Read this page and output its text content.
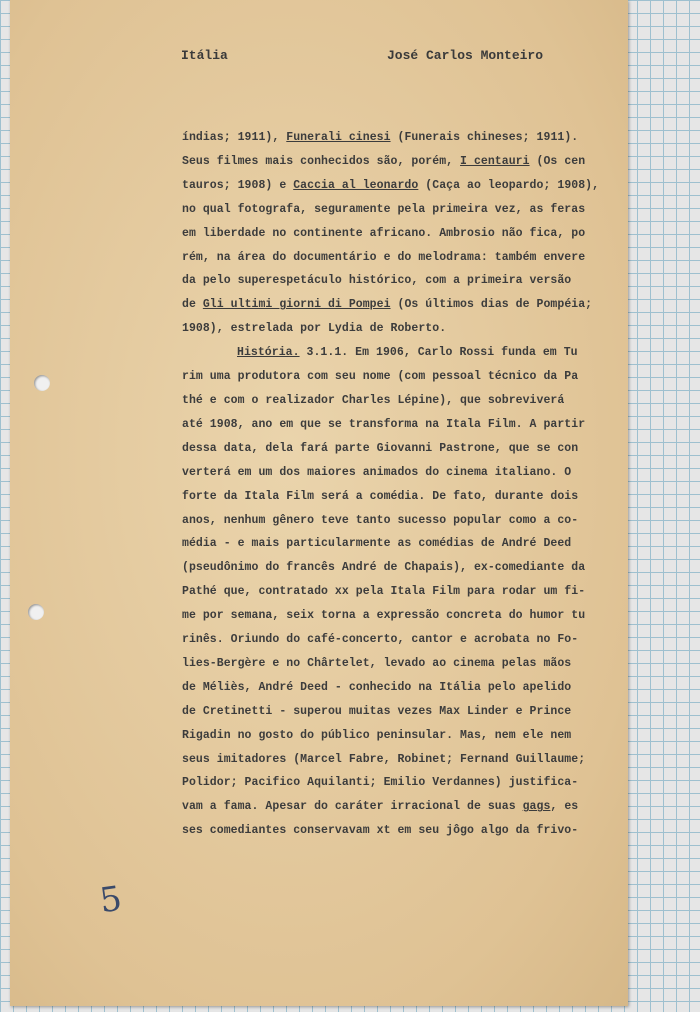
Itália	José Carlos Monteiro
índias; 1911), Funerali cinesi (Funerais chineses; 1911).
Seus filmes mais conhecidos são, porém, I centauri (Os cen
tauros; 1908) e Caccia al leonardo (Caça ao leopardo; 1908),
no qual fotografa, seguramente pela primeira vez, as feras
em liberdade no continente africano. Ambrosio não fica, po
rém, na área do documentário e do melodrama: também envere
da pelo superespetáculo histórico, com a primeira versão
de Gli ultimi giorni di Pompei (Os últimos dias de Pompéia;
1908), estrelada por Lydia de Roberto.
História. 3.1.1. Em 1906, Carlo Rossi funda em Tu
rim uma produtora com seu nome (com pessoal técnico da Pa
thé e com o realizador Charles Lépine), que sobreviverá
até 1908, ano em que se transforma na Itala Film. A partir
dessa data, dela fará parte Giovanni Pastrone, que se con
verterá em um dos maiores animados do cinema italiano. O
forte da Itala Film será a comédia. De fato, durante dois
anos, nenhum gênero teve tanto sucesso popular como a co-
média - e mais particularmente as comédias de André Deed
(pseudônimo do francês André de Chapais), ex-comediante da
Pathé que, contratado xx pela Itala Film para rodar um fi-
me por semana, seix torna a expressão concreta do humor tu
rinês. Oriundo do café-concerto, cantor e acrobata no Fo-
lies-Bergère e no Chârtelet, levado ao cinema pelas mãos
de Méliès, André Deed - conhecido na Itália pelo apelido
de Cretinetti - superou muitas vezes Max Linder e Prince
Rigadin no gosto do público peninsular. Mas, nem ele nem
seus imitadores (Marcel Fabre, Robinet; Fernand Guillaume;
Polidor; Pacifico Aquilanti; Emilio Verdannes) justifica-
vam a fama. Apesar do caráter irracional de suas gags, es
ses comediantes conservavam xt em seu jôgo algo da frivo-
5
